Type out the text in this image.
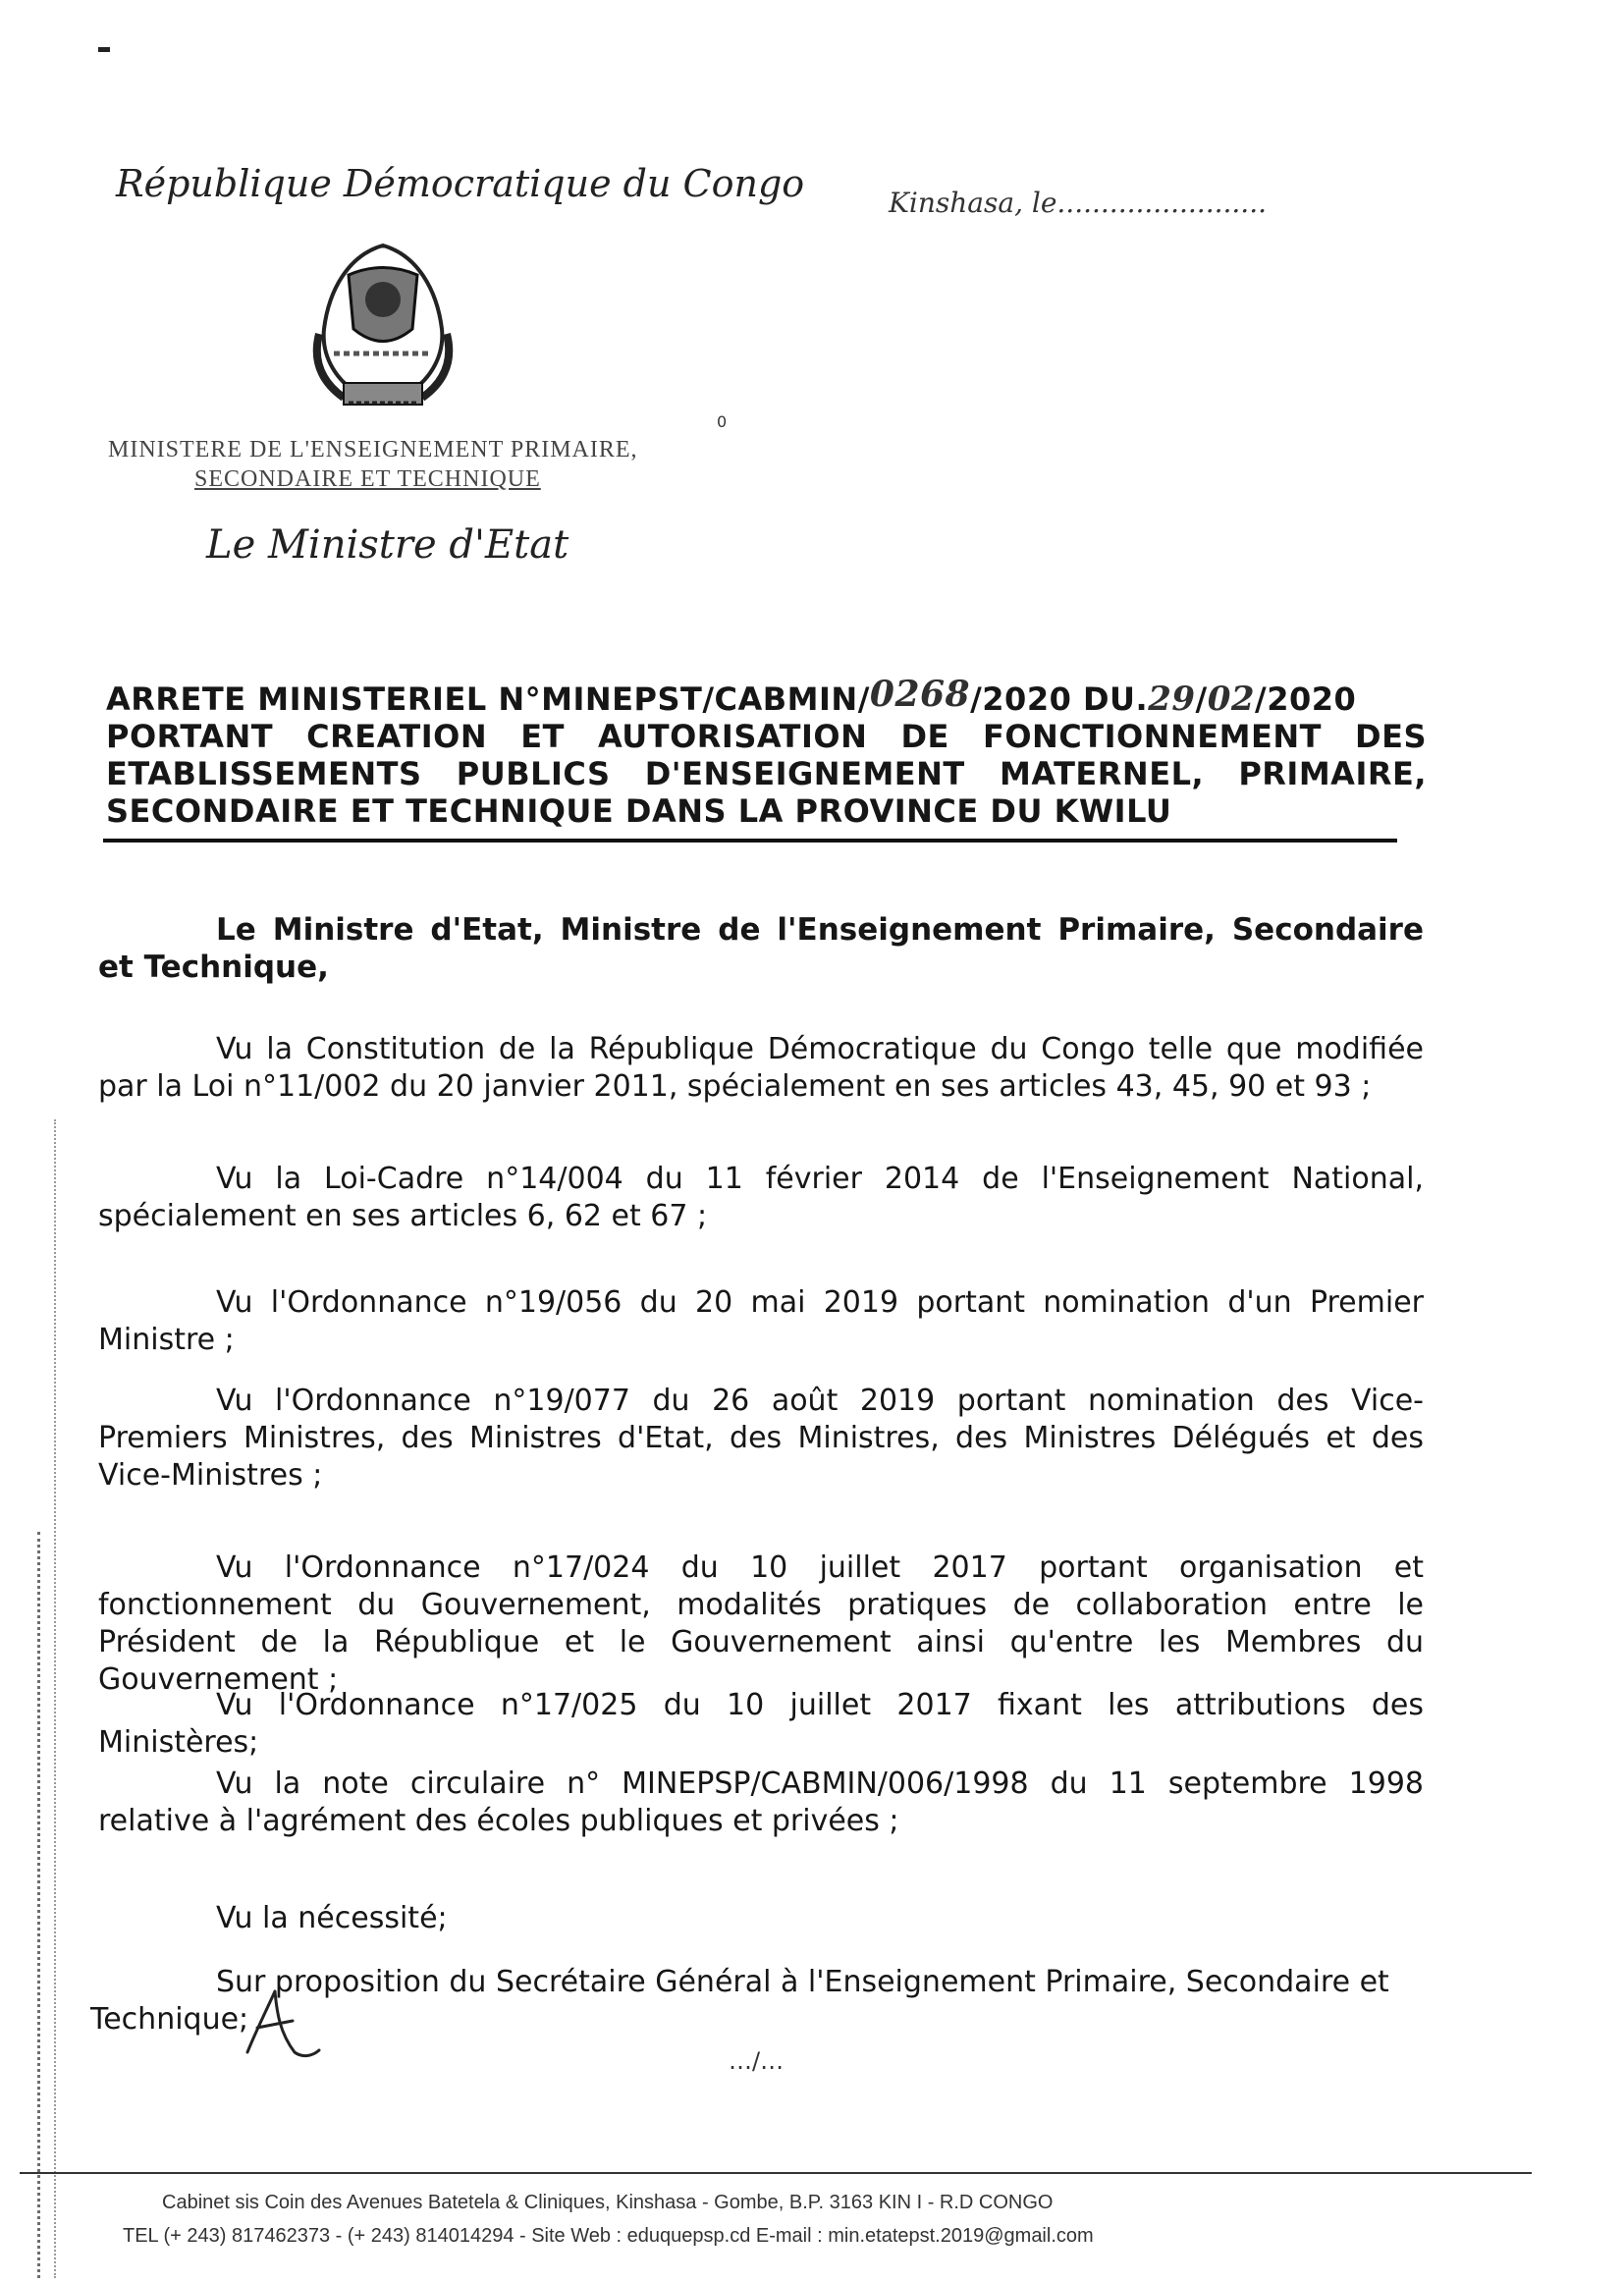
République Démocratique du Congo	Kinshasa, le........................
0
MINISTERE DE L'ENSEIGNEMENT PRIMAIRE,
SECONDAIRE ET TECHNIQUE
Le Ministre d'Etat
ARRETE MINISTERIEL N°MINEPST/CABMIN/0268/2020 DU.29/02/2020
PORTANT CREATION ET AUTORISATION DE FONCTIONNEMENT DES
ETABLISSEMENTS PUBLICS D'ENSEIGNEMENT MATERNEL, PRIMAIRE,
SECONDAIRE ET TECHNIQUE DANS LA PROVINCE DU KWILU
Le Ministre d'Etat, Ministre de l'Enseignement Primaire, Secondaire et Technique,
Vu la Constitution de la République Démocratique du Congo telle que modifiée par la Loi n°11/002 du 20 janvier 2011, spécialement en ses articles 43, 45, 90 et 93 ;
Vu la Loi-Cadre n°14/004 du 11 février 2014 de l'Enseignement National, spécialement en ses articles 6, 62 et 67 ;
Vu l'Ordonnance n°19/056 du 20 mai 2019 portant nomination d'un Premier Ministre ;
Vu l'Ordonnance n°19/077 du 26 août 2019 portant nomination des Vice-Premiers Ministres, des Ministres d'Etat, des Ministres, des Ministres Délégués et des Vice-Ministres ;
Vu l'Ordonnance n°17/024 du 10 juillet 2017 portant organisation et fonctionnement du Gouvernement, modalités pratiques de collaboration entre le Président de la République et le Gouvernement ainsi qu'entre les Membres du Gouvernement ;
Vu l'Ordonnance n°17/025 du 10 juillet 2017 fixant les attributions des Ministères;
Vu la note circulaire n° MINEPSP/CABMIN/006/1998 du 11 septembre 1998 relative à l'agrément des écoles publiques et privées ;
Vu la nécessité;
Sur proposition du Secrétaire Général à l'Enseignement Primaire, Secondaire et
Technique;
…/…
Cabinet sis Coin des Avenues Batetela & Cliniques, Kinshasa - Gombe, B.P. 3163 KIN I - R.D CONGO
TEL (+ 243) 817462373 - (+ 243) 814014294 - Site Web : eduquepsp.cd E-mail : min.etatepst.2019@gmail.com
